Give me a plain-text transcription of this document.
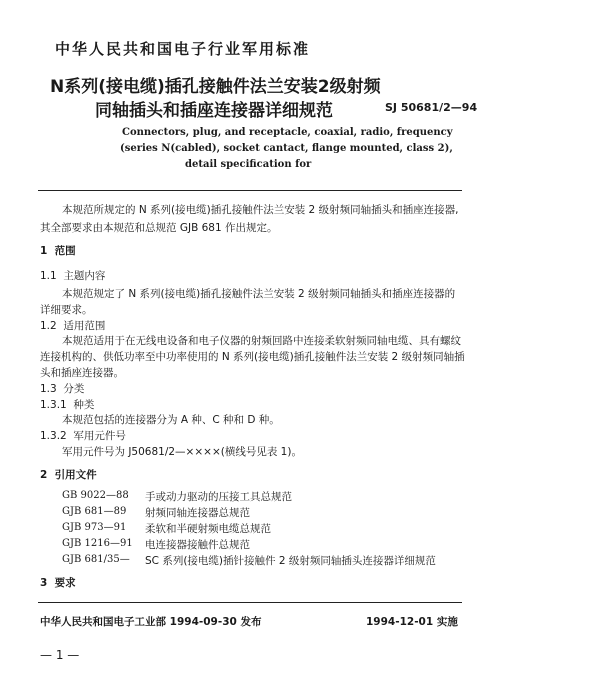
中华人民共和国电子行业军用标准
N系列(接电缆)插孔接触件法兰安装2级射频
同轴插头和插座连接器详细规范	SJ 50681/2—94
Connectors, plug, and receptacle, coaxial, radio, frequency
(series N(cabled), socket cantact, flange mounted, class 2),
detail specification for
本规范所规定的 N 系列(接电缆)插孔接触件法兰安装 2 级射频同轴插头和插座连接器,
其全部要求由本规范和总规范 GJB 681 作出规定。
1 范围
1.1 主题内容
本规范规定了 N 系列(接电缆)插孔接触件法兰安装 2 级射频同轴插头和插座连接器的
详细要求。
1.2 适用范围
本规范适用于在无线电设备和电子仪器的射频回路中连接柔软射频同轴电缆、具有螺纹
连接机构的、供低功率至中功率使用的 N 系列(接电缆)插孔接触件法兰安装 2 级射频同轴插
头和插座连接器。
1.3 分类
1.3.1 种类
本规范包括的连接器分为 A 种、C 种和 D 种。
1.3.2 军用元件号
军用元件号为 J50681/2—××××(横线号见表 1)。
2 引用文件
GB 9022—88 手或动力驱动的压接工具总规范
GJB 681—89 射频同轴连接器总规范
GJB 973—91 柔软和半硬射频电缆总规范
GJB 1216—91 电连接器接触件总规范
GJB 681/35— SC 系列(接电缆)插针接触件 2 级射频同轴插头连接器详细规范
3 要求
中华人民共和国电子工业部 1994-09-30 发布	1994-12-01 实施
— 1 —
